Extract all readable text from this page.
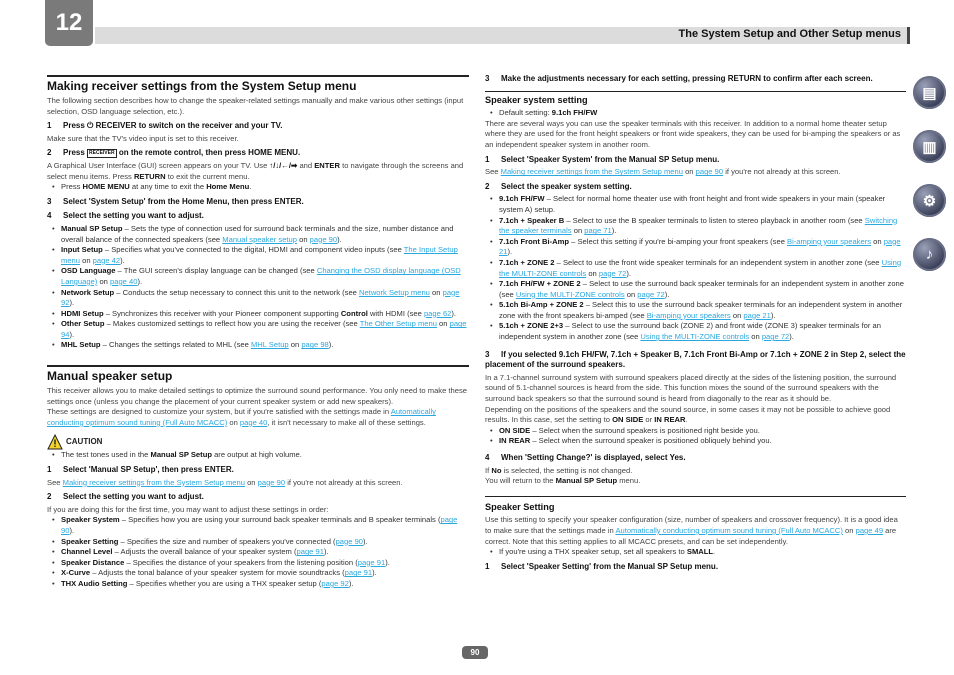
12	The System Setup and Other Setup menus
▤
▥
⚙
♪
Making receiver settings from the System Setup menu

The following section describes how to change the speaker-related settings manually and make various other settings (input selection, OSD language selection, etc.).

1 Press ⏻ RECEIVER to switch on the receiver and your TV.

Make sure that the TV's video input is set to this receiver.

2 Press RECEIVER on the remote control, then press HOME MENU.

A Graphical User Interface (GUI) screen appears on your TV. Use ↑/↓/←/➡ and ENTER to navigate through the screens and select menu items. Press RETURN to exit the current menu.

• Press HOME MENU at any time to exit the Home Menu.

3 Select 'System Setup' from the Home Menu, then press ENTER.
4 Select the setting you want to adjust.

• Manual SP Setup – Sets the type of connection used for surround back terminals and the size, number distance and overall balance of the connected speakers (see Manual speaker setup on page 90).

• Input Setup – Specifies what you've connected to the digital, HDMI and component video inputs (see The Input Setup menu on page 42).

• OSD Language – The GUI screen's display language can be changed (see Changing the OSD display language (OSD Language) on page 40).

• Network Setup – Conducts the setup necessary to connect this unit to the network (see Network Setup menu on page 92).

• HDMI Setup – Synchronizes this receiver with your Pioneer component supporting Control with HDMI (see page 62).

• Other Setup – Makes customized settings to reflect how you are using the receiver (see The Other Setup menu on page 94).

• MHL Setup – Changes the settings related to MHL (see MHL Setup on page 98).

Manual speaker setup

This receiver allows you to make detailed settings to optimize the surround sound performance. You only need to make these settings once (unless you change the placement of your current speaker system or add new speakers).

These settings are designed to customize your system, but if you're satisfied with the settings made in Automatically conducting optimum sound tuning (Full Auto MCACC) on page 40, it isn't necessary to make all of these settings.

CAUTION

• The test tones used in the Manual SP Setup are output at high volume.

1 Select 'Manual SP Setup', then press ENTER.

See Making receiver settings from the System Setup menu on page 90 if you're not already at this screen.

2 Select the setting you want to adjust.

If you are doing this for the first time, you may want to adjust these settings in order:

• Speaker System – Specifies how you are using your surround back speaker terminals and B speaker terminals (page 90).

• Speaker Setting – Specifies the size and number of speakers you've connected (page 90).

• Channel Level – Adjusts the overall balance of your speaker system (page 91).

• Speaker Distance – Specifies the distance of your speakers from the listening position (page 91).

• X-Curve – Adjusts the tonal balance of your speaker system for movie soundtracks (page 91).

• THX Audio Setting – Specifies whether you are using a THX speaker setup (page 92).

3 Make the adjustments necessary for each setting, pressing RETURN to confirm after each screen.
Speaker system setting

• Default setting: 9.1ch FH/FW

There are several ways you can use the speaker terminals with this receiver. In addition to a normal home theater setup where they are used for the front height speakers or front wide speakers, they can be used for bi-amping the speakers or as an independent speaker system in another room.

1 Select 'Speaker System' from the Manual SP Setup menu.

See Making receiver settings from the System Setup menu on page 90 if you're not already at this screen.

2 Select the speaker system setting.

• 9.1ch FH/FW – Select for normal home theater use with front height and front wide speakers in your main (speaker system A) setup.

• 7.1ch + Speaker B – Select to use the B speaker terminals to listen to stereo playback in another room (see Switching the speaker terminals on page 71).

• 7.1ch Front Bi-Amp – Select this setting if you're bi-amping your front speakers (see Bi-amping your speakers on page 21).

• 7.1ch + ZONE 2 – Select to use the front wide speaker terminals for an independent system in another zone (see Using the MULTI-ZONE controls on page 72).

• 7.1ch FH/FW + ZONE 2 – Select to use the surround back speaker terminals for an independent system in another zone (see Using the MULTI-ZONE controls on page 72).

• 5.1ch Bi-Amp + ZONE 2 – Select this to use the surround back speaker terminals for an independent system in another zone with the front speakers bi-amped (see Bi-amping your speakers on page 21).

• 5.1ch + ZONE 2+3 – Select to use the surround back (ZONE 2) and front wide (ZONE 3) speaker terminals for an independent system in another zone (see Using the MULTI-ZONE controls on page 72).

3 If you selected 9.1ch FH/FW, 7.1ch + Speaker B, 7.1ch Front Bi-Amp or 7.1ch + ZONE 2 in Step 2, select the placement of the surround speakers.

In a 7.1-channel surround system with surround speakers placed directly at the sides of the listening position, the surround sound of 5.1-channel sources is heard from the side. This function mixes the sound of the surround speakers with the surround back speakers so that the surround sound is heard from diagonally to the rear as it should be.

Depending on the positions of the speakers and the sound source, in some cases it may not be possible to achieve good results. In this case, set the setting to ON SIDE or IN REAR.

• ON SIDE – Select when the surround speakers is positioned right beside you.

• IN REAR – Select when the surround speaker is positioned obliquely behind you.

4 When 'Setting Change?' is displayed, select Yes.

If No is selected, the setting is not changed.

You will return to the Manual SP Setup menu.

Speaker Setting

Use this setting to specify your speaker configuration (size, number of speakers and crossover frequency). It is a good idea to make sure that the settings made in Automatically conducting optimum sound tuning (Full Auto MCACC) on page 49 are correct. Note that this setting applies to all MCACC presets, and can be set independently.

• If you're using a THX speaker setup, set all speakers to SMALL.

1 Select 'Speaker Setting' from the Manual SP Setup menu.
90
